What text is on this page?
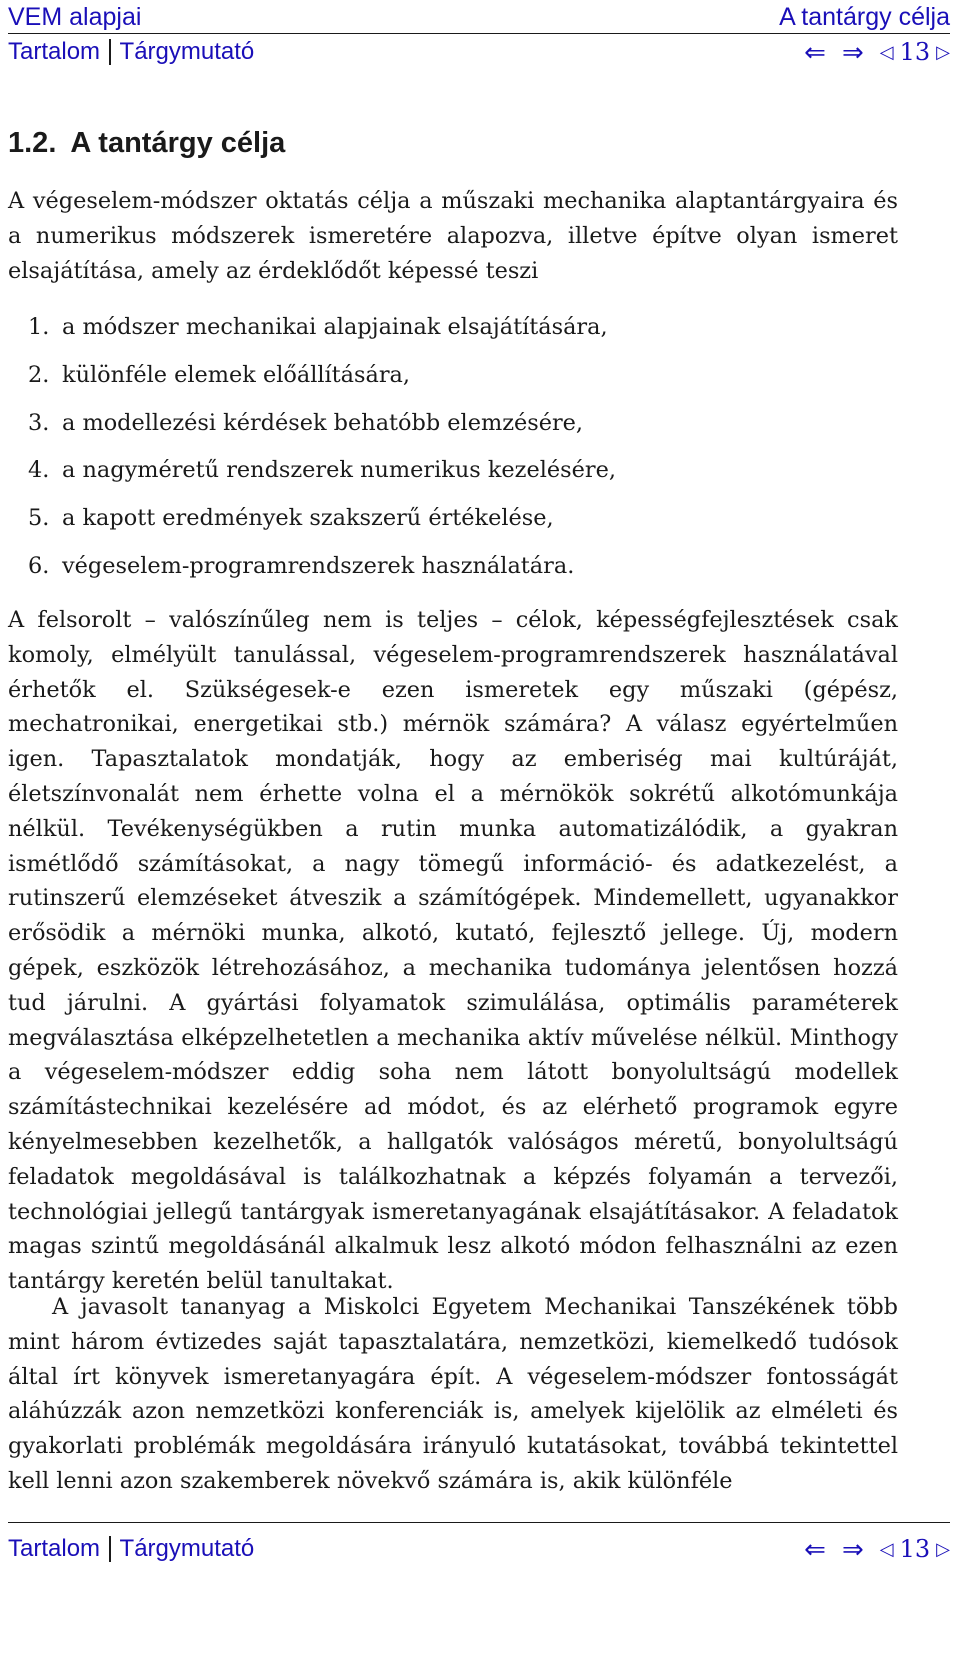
VEM alapjai	A tantárgy célja
Tartalom Tárgymutató	⇐ ⇒ ◁ 13 ▷
1.2. A tantárgy célja

A végeselem-módszer oktatás célja a műszaki mechanika alaptantárgyaira és a numerikus módszerek ismeretére alapozva, illetve építve olyan ismeret elsajátítása, amely az érdeklődőt képessé teszi

1. a módszer mechanikai alapjainak elsajátítására,
2. különféle elemek előállítására,
3. a modellezési kérdések behatóbb elemzésére,
4. a nagyméretű rendszerek numerikus kezelésére,
5. a kapott eredmények szakszerű értékelése,
6. végeselem-programrendszerek használatára.

A felsorolt – valószínűleg nem is teljes – célok, képességfejlesztések csak komoly, elmélyült tanulással, végeselem-programrendszerek használatával érhetők el. Szükségesek-e ezen ismeretek egy műszaki (gépész, mechatronikai, energetikai stb.) mérnök számára? A válasz egyértelműen igen. Tapasztalatok mondatják, hogy az emberiség mai kultúráját, életszínvonalát nem érhette volna el a mérnökök sokrétű alkotómunkája nélkül. Tevékenységükben a rutin munka automatizálódik, a gyakran ismétlődő számításokat, a nagy tömegű információ- és adatkezelést, a rutinszerű elemzéseket átveszik a számítógépek. Mindemellett, ugyanakkor erősödik a mérnöki munka, alkotó, kutató, fejlesztő jellege. Új, modern gépek, eszközök létrehozásához, a mechanika tudománya jelentősen hozzá tud járulni. A gyártási folyamatok szimulálása, optimális paraméterek megválasztása elképzelhetetlen a mechanika aktív művelése nélkül. Minthogy a végeselem-módszer eddig soha nem látott bonyolultságú modellek számítástechnikai kezelésére ad módot, és az elérhető programok egyre kényelmesebben kezelhetők, a hallgatók valóságos méretű, bonyolultságú feladatok megoldásával is találkozhatnak a képzés folyamán a tervezői, technológiai jellegű tantárgyak ismeretanyagának elsajátításakor. A feladatok magas szintű megoldásánál alkalmuk lesz alkotó módon felhasználni az ezen tantárgy keretén belül tanultakat.

A javasolt tananyag a Miskolci Egyetem Mechanikai Tanszékének több mint három évtizedes saját tapasztalatára, nemzetközi, kiemelkedő tudósok által írt könyvek ismeretanyagára épít. A végeselem-módszer fontosságát aláhúzzák azon nemzetközi konferenciák is, amelyek kijelölik az elméleti és gyakorlati problémák megoldására irányuló kutatásokat, továbbá tekintettel kell lenni azon szakemberek növekvő számára is, akik különféle

Tartalom Tárgymutató	⇐ ⇒ ◁ 13 ▷
